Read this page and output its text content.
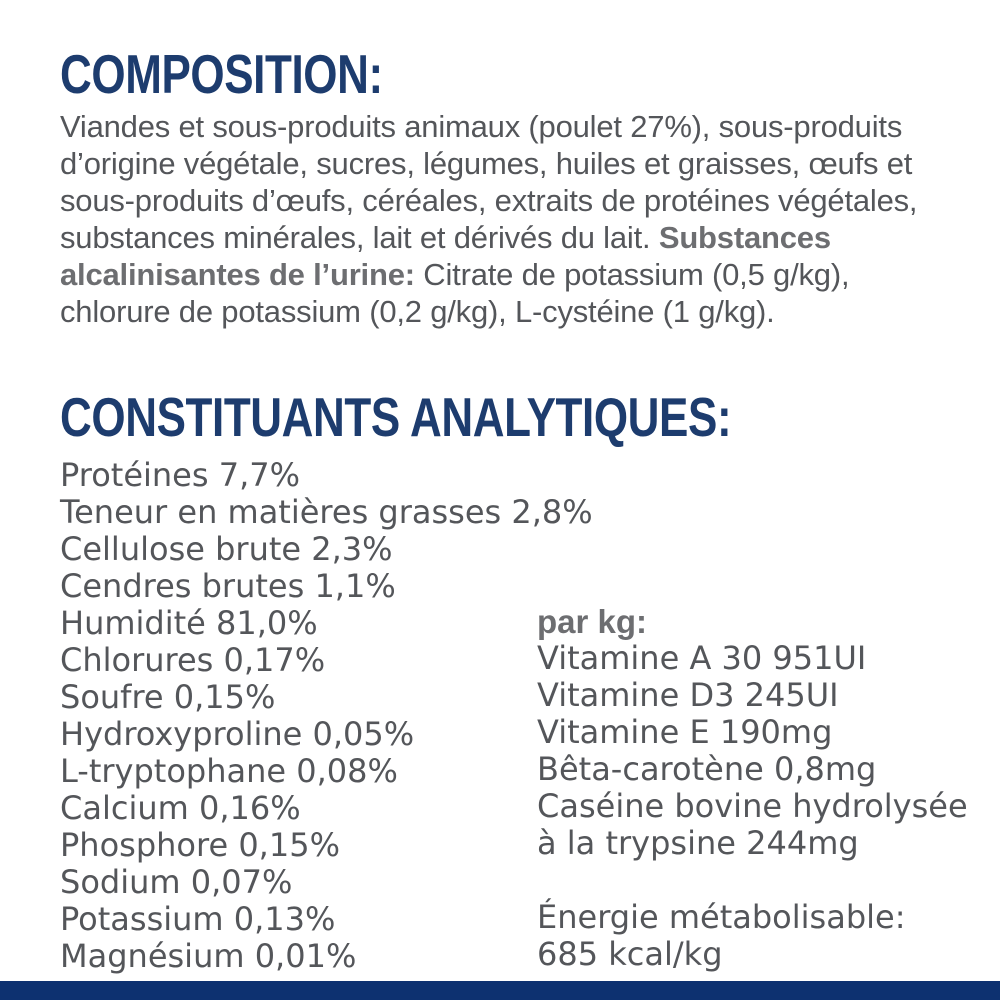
COMPOSITION:

Viandes et sous-produits animaux (poulet 27%), sous-produits d’origine végétale, sucres, légumes, huiles et graisses, œufs et sous-produits d’œufs, céréales, extraits de protéines végétales, substances minérales, lait et dérivés du lait. Substances alcalinisantes de l’urine: Citrate de potassium (0,5 g/kg), chlorure de potassium (0,2 g/kg), L-cystéine (1 g/kg).

CONSTITUANTS ANALYTIQUES:
Protéines 7,7%
Teneur en matières grasses 2,8%
Cellulose brute 2,3%
Cendres brutes 1,1%
Humidité 81,0%
Chlorures 0,17%
Soufre 0,15%
Hydroxyproline 0,05%
L-tryptophane 0,08%
Calcium 0,16%
Phosphore 0,15%
Sodium 0,07%
Potassium 0,13%
Magnésium 0,01%
par kg:
Vitamine A 30 951UI
Vitamine D3 245UI
Vitamine E 190mg
Bêta-carotène 0,8mg
Caséine bovine hydrolysée à la trypsine 244mg
Énergie métabolisable:
685 kcal/kg
